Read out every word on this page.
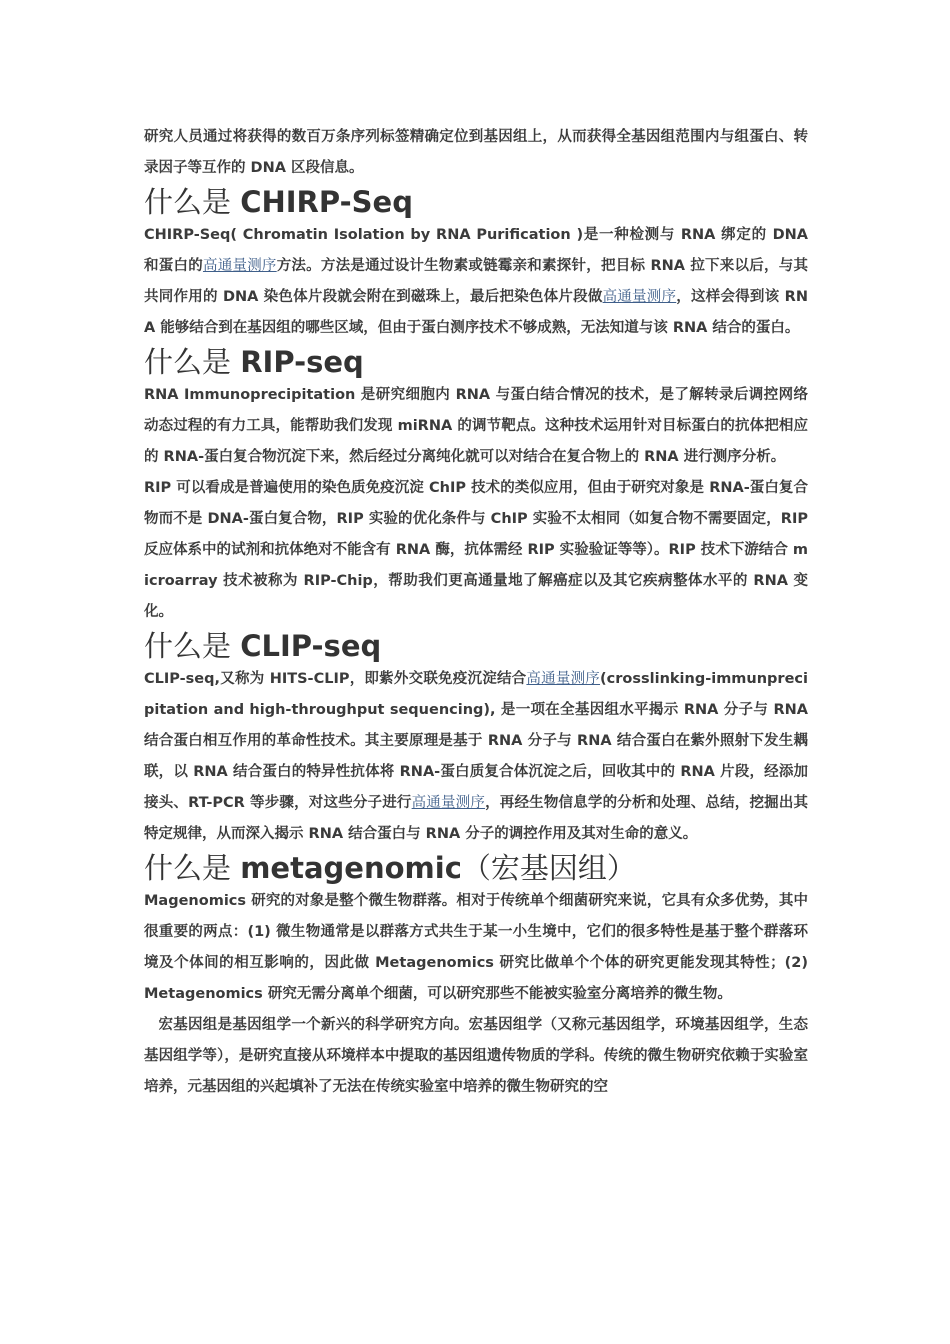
研究人员通过将获得的数百万条序列标签精确定位到基因组上，从而获得全基因组范围内与组蛋白、转录因子等互作的 DNA 区段信息。

什么是 CHIRP-Seq

CHIRP-Seq( Chromatin Isolation by RNA Purification )是一种检测与 RNA 绑定的 DNA 和蛋白的高通量测序方法。方法是通过设计生物素或链霉亲和素探针，把目标 RNA 拉下来以后，与其共同作用的 DNA 染色体片段就会附在到磁珠上，最后把染色体片段做高通量测序，这样会得到该 RNA 能够结合到在基因组的哪些区域，但由于蛋白测序技术不够成熟，无法知道与该 RNA 结合的蛋白。

什么是 RIP-seq

RNA Immunoprecipitation 是研究细胞内 RNA 与蛋白结合情况的技术，是了解转录后调控网络动态过程的有力工具，能帮助我们发现 miRNA 的调节靶点。这种技术运用针对目标蛋白的抗体把相应的 RNA-蛋白复合物沉淀下来，然后经过分离纯化就可以对结合在复合物上的 RNA 进行测序分析。

RIP 可以看成是普遍使用的染色质免疫沉淀 ChIP 技术的类似应用，但由于研究对象是 RNA-蛋白复合物而不是 DNA-蛋白复合物，RIP 实验的优化条件与 ChIP 实验不太相同（如复合物不需要固定，RIP 反应体系中的试剂和抗体绝对不能含有 RNA 酶，抗体需经 RIP 实验验证等等）。RIP 技术下游结合 microarray 技术被称为 RIP-Chip，帮助我们更高通量地了解癌症以及其它疾病整体水平的 RNA 变化。

什么是 CLIP-seq

CLIP-seq,又称为 HITS-CLIP，即紫外交联免疫沉淀结合高通量测序(crosslinking-immunprecipitation and high-throughput sequencing), 是一项在全基因组水平揭示 RNA 分子与 RNA 结合蛋白相互作用的革命性技术。其主要原理是基于 RNA 分子与 RNA 结合蛋白在紫外照射下发生耦联，以 RNA 结合蛋白的特异性抗体将 RNA-蛋白质复合体沉淀之后，回收其中的 RNA 片段，经添加接头、RT-PCR 等步骤，对这些分子进行高通量测序，再经生物信息学的分析和处理、总结，挖掘出其特定规律，从而深入揭示 RNA 结合蛋白与 RNA 分子的调控作用及其对生命的意义。

什么是 metagenomic（宏基因组）

Magenomics 研究的对象是整个微生物群落。相对于传统单个细菌研究来说，它具有众多优势，其中很重要的两点：(1) 微生物通常是以群落方式共生于某一小生境中，它们的很多特性是基于整个群落环境及个体间的相互影响的，因此做 Metagenomics 研究比做单个个体的研究更能发现其特性；(2) Metagenomics 研究无需分离单个细菌，可以研究那些不能被实验室分离培养的微生物。

宏基因组是基因组学一个新兴的科学研究方向。宏基因组学（又称元基因组学，环境基因组学，生态基因组学等），是研究直接从环境样本中提取的基因组遗传物质的学科。传统的微生物研究依赖于实验室培养，元基因组的兴起填补了无法在传统实验室中培养的微生物研究的空
